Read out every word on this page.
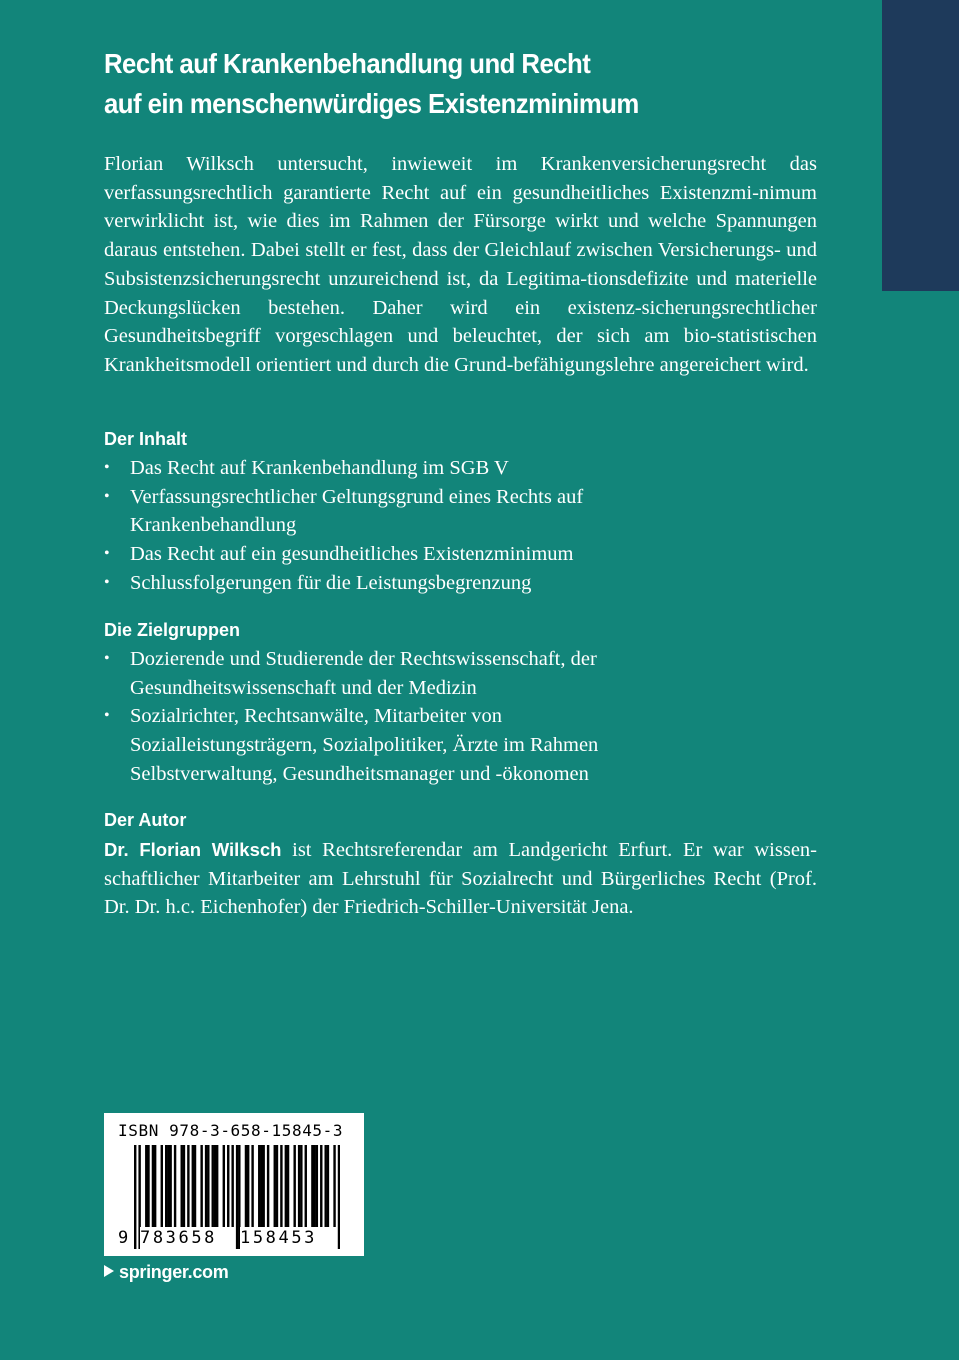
Recht auf Krankenbehandlung und Recht
auf ein menschenwürdiges Existenzminimum
Florian Wilksch untersucht, inwieweit im Krankenversicherungsrecht das verfassungsrechtlich garantierte Recht auf ein gesundheitliches Existenzmi-nimum verwirklicht ist, wie dies im Rahmen der Fürsorge wirkt und welche Spannungen daraus entstehen. Dabei stellt er fest, dass der Gleichlauf zwischen Versicherungs- und Subsistenzsicherungsrecht unzureichend ist, da Legitima-tionsdefizite und materielle Deckungslücken bestehen. Daher wird ein existenz-sicherungsrechtlicher Gesundheitsbegriff vorgeschlagen und beleuchtet, der sich am bio-statistischen Krankheitsmodell orientiert und durch die Grund-befähigungslehre angereichert wird.
Der Inhalt
• Das Recht auf Krankenbehandlung im SGB V
• Verfassungsrechtlicher Geltungsgrund eines Rechts auf Krankenbehandlung
• Das Recht auf ein gesundheitliches Existenzminimum
• Schlussfolgerungen für die Leistungsbegrenzung
Die Zielgruppen
• Dozierende und Studierende der Rechtswissenschaft, der Gesundheitswissenschaft und der Medizin
• Sozialrichter, Rechtsanwälte, Mitarbeiter von Sozialleistungsträgern, Sozialpolitiker, Ärzte im Rahmen Selbstverwaltung, Gesundheitsmanager und -ökonomen
Der Autor
Dr. Florian Wilksch ist Rechtsreferendar am Landgericht Erfurt. Er war wissen-schaftlicher Mitarbeiter am Lehrstuhl für Sozialrecht und Bürgerliches Recht (Prof. Dr. Dr. h.c. Eichenhofer) der Friedrich-Schiller-Universität Jena.
ISBN 978-3-658-15845-3
9 783658 158453
springer.com
